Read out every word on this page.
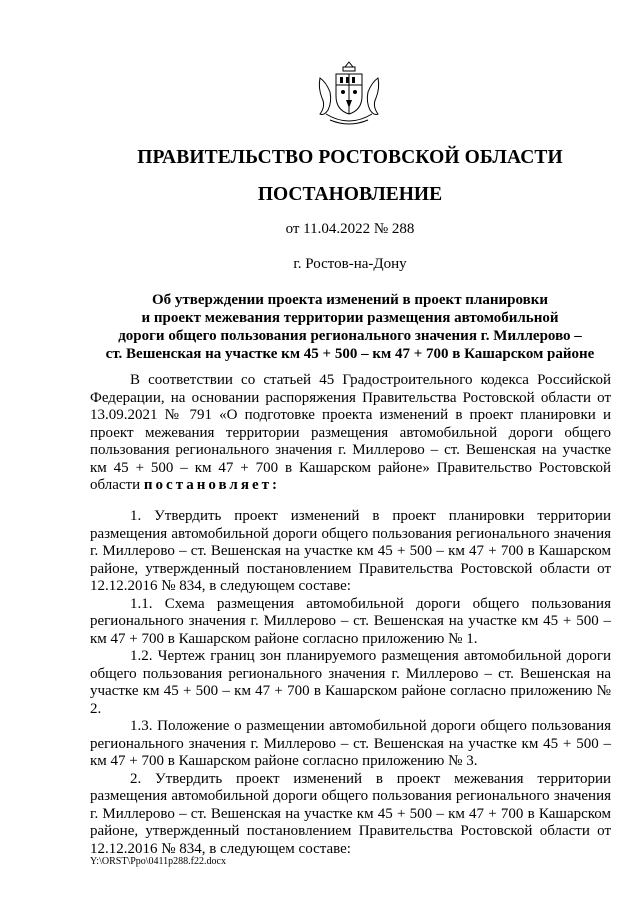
ПРАВИТЕЛЬСТВО РОСТОВСКОЙ ОБЛАСТИ
ПОСТАНОВЛЕНИЕ
от 11.04.2022 № 288
г. Ростов-на-Дону
Об утверждении проекта изменений в проект планировки
и проект межевания территории размещения автомобильной
дороги общего пользования регионального значения г. Миллерово –
ст. Вешенская на участке км 45 + 500 – км 47 + 700 в Кашарском районе

В соответствии со статьей 45 Градостроительного кодекса Российской Федерации, на основании распоряжения Правительства Ростовской области от 13.09.2021 № 791 «О подготовке проекта изменений в проект планировки и проект межевания территории размещения автомобильной дороги общего пользования регионального значения г. Миллерово – ст. Вешенская на участке км 45 + 500 – км 47 + 700 в Кашарском районе» Правительство Ростовской области постановляет:

1. Утвердить проект изменений в проект планировки территории размещения автомобильной дороги общего пользования регионального значения г. Миллерово – ст. Вешенская на участке км 45 + 500 – км 47 + 700 в Кашарском районе, утвержденный постановлением Правительства Ростовской области от 12.12.2016 № 834, в следующем составе:

1.1. Схема размещения автомобильной дороги общего пользования регионального значения г. Миллерово – ст. Вешенская на участке км 45 + 500 – км 47 + 700 в Кашарском районе согласно приложению № 1.

1.2. Чертеж границ зон планируемого размещения автомобильной дороги общего пользования регионального значения г. Миллерово – ст. Вешенская на участке км 45 + 500 – км 47 + 700 в Кашарском районе согласно приложению № 2.

1.3. Положение о размещении автомобильной дороги общего пользования регионального значения г. Миллерово – ст. Вешенская на участке км 45 + 500 – км 47 + 700 в Кашарском районе согласно приложению № 3.

2. Утвердить проект изменений в проект межевания территории размещения автомобильной дороги общего пользования регионального значения г. Миллерово – ст. Вешенская на участке км 45 + 500 – км 47 + 700 в Кашарском районе, утвержденный постановлением Правительства Ростовской области от 12.12.2016 № 834, в следующем составе:

Y:\ORST\Ppo\0411p288.f22.docx
